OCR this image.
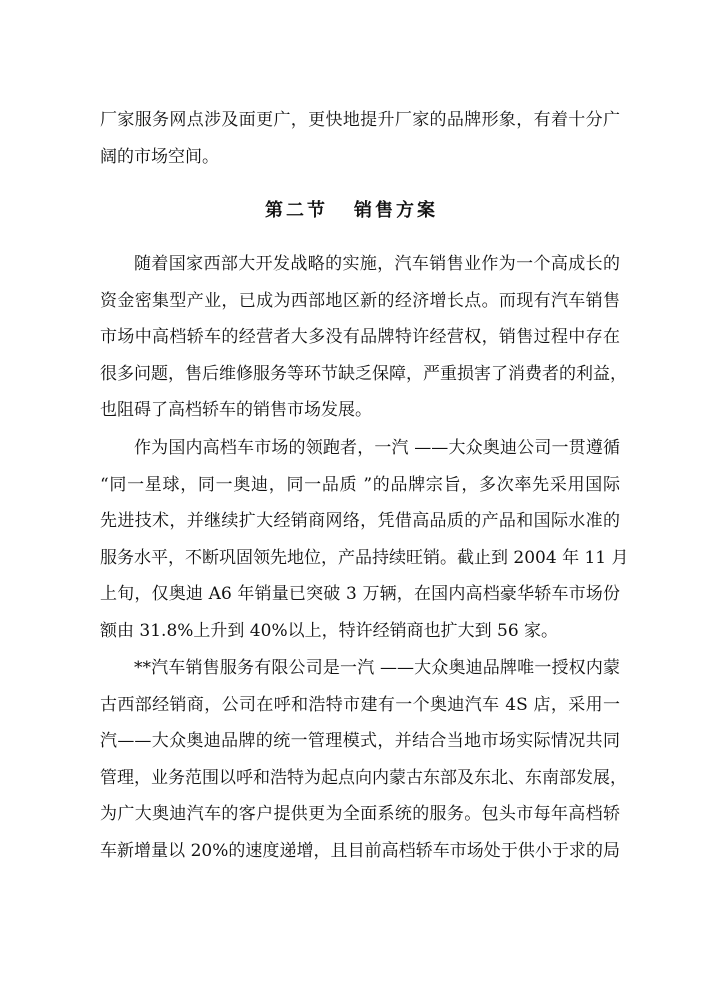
厂家服务网点涉及面更广，更快地提升厂家的品牌形象，有着十分广
阔的市场空间。

第二节 销售方案

随着国家西部大开发战略的实施，汽车销售业作为一个高成长的
资金密集型产业，已成为西部地区新的经济增长点。而现有汽车销售
市场中高档轿车的经营者大多没有品牌特许经营权，销售过程中存在
很多问题，售后维修服务等环节缺乏保障，严重损害了消费者的利益，
也阻碍了高档轿车的销售市场发展。

作为国内高档车市场的领跑者，一汽 ——大众奥迪公司一贯遵循
“同一星球，同一奥迪，同一品质 ”的品牌宗旨，多次率先采用国际
先进技术，并继续扩大经销商网络，凭借高品质的产品和国际水准的
服务水平，不断巩固领先地位，产品持续旺销。截止到 2004 年 11 月
上旬，仅奥迪 A6 年销量已突破 3 万辆，在国内高档豪华轿车市场份
额由 31.8%上升到 40%以上，特许经销商也扩大到 56 家。

**汽车销售服务有限公司是一汽 ——大众奥迪品牌唯一授权内蒙
古西部经销商，公司在呼和浩特市建有一个奥迪汽车 4S 店，采用一
汽——大众奥迪品牌的统一管理模式，并结合当地市场实际情况共同
管理，业务范围以呼和浩特为起点向内蒙古东部及东北、东南部发展，
为广大奥迪汽车的客户提供更为全面系统的服务。包头市每年高档轿
车新增量以 20%的速度递增，且目前高档轿车市场处于供小于求的局
